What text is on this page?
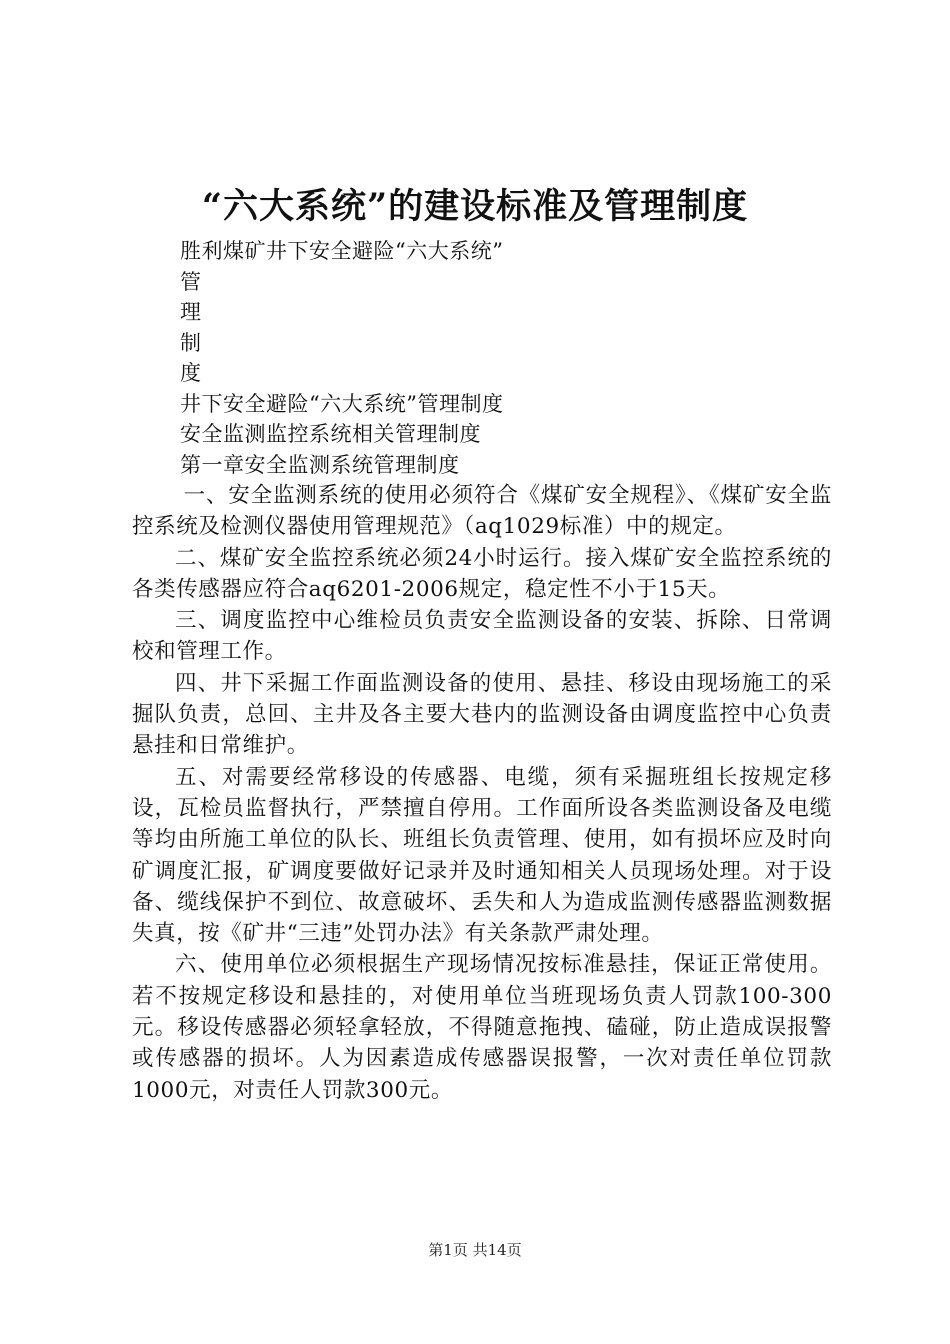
“六大系统”的建设标准及管理制度
胜利煤矿井下安全避险“六大系统”
管
理
制
度
井下安全避险“六大系统”管理制度
安全监测监控系统相关管理制度
第一章安全监测系统管理制度

一、安全监测系统的使用必须符合《煤矿安全规程》、《煤矿安全监控系统及检测仪器使用管理规范》（aq1029标准）中的规定。

二、煤矿安全监控系统必须24小时运行。接入煤矿安全监控系统的各类传感器应符合aq6201-2006规定，稳定性不小于15天。

三、调度监控中心维检员负责安全监测设备的安装、拆除、日常调校和管理工作。

四、井下采掘工作面监测设备的使用、悬挂、移设由现场施工的采掘队负责，总回、主井及各主要大巷内的监测设备由调度监控中心负责悬挂和日常维护。

五、对需要经常移设的传感器、电缆，须有采掘班组长按规定移设，瓦检员监督执行，严禁擅自停用。工作面所设各类监测设备及电缆等均由所施工单位的队长、班组长负责管理、使用，如有损坏应及时向矿调度汇报，矿调度要做好记录并及时通知相关人员现场处理。对于设备、缆线保护不到位、故意破坏、丢失和人为造成监测传感器监测数据失真，按《矿井“三违”处罚办法》有关条款严肃处理。

六、使用单位必须根据生产现场情况按标准悬挂，保证正常使用。若不按规定移设和悬挂的，对使用单位当班现场负责人罚款100-300元。移设传感器必须轻拿轻放，不得随意拖拽、磕碰，防止造成误报警或传感器的损坏。人为因素造成传感器误报警，一次对责任单位罚款1000元，对责任人罚款300元。

第1页 共14页
